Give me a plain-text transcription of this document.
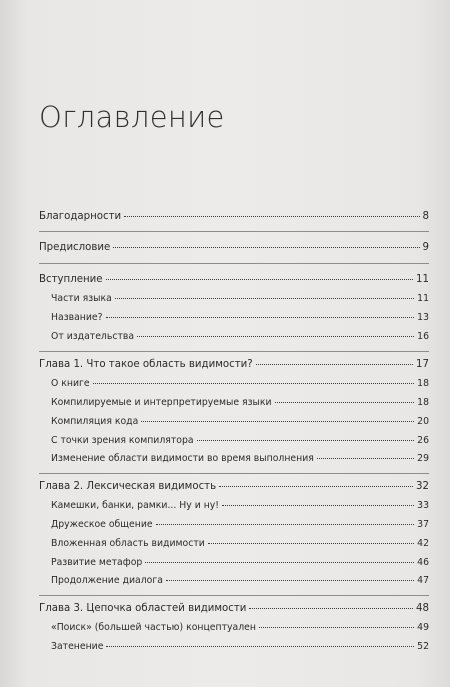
Оглавление
Благодарности	8
Предисловие	9
Вступление	11
Части языка	11
Название?	13
От издательства	16
Глава 1. Что такое область видимости?	17
О книге	18
Компилируемые и интерпретируемые языки	18
Компиляция кода	20
С точки зрения компилятора	26
Изменение области видимости во время выполнения	29
Глава 2. Лексическая видимость	32
Камешки, банки, рамки... Ну и ну!	33
Дружеское общение	37
Вложенная область видимости	42
Развитие метафор	46
Продолжение диалога	47
Глава 3. Цепочка областей видимости	48
«Поиск» (большей частью) концептуален	49
Затенение	52
